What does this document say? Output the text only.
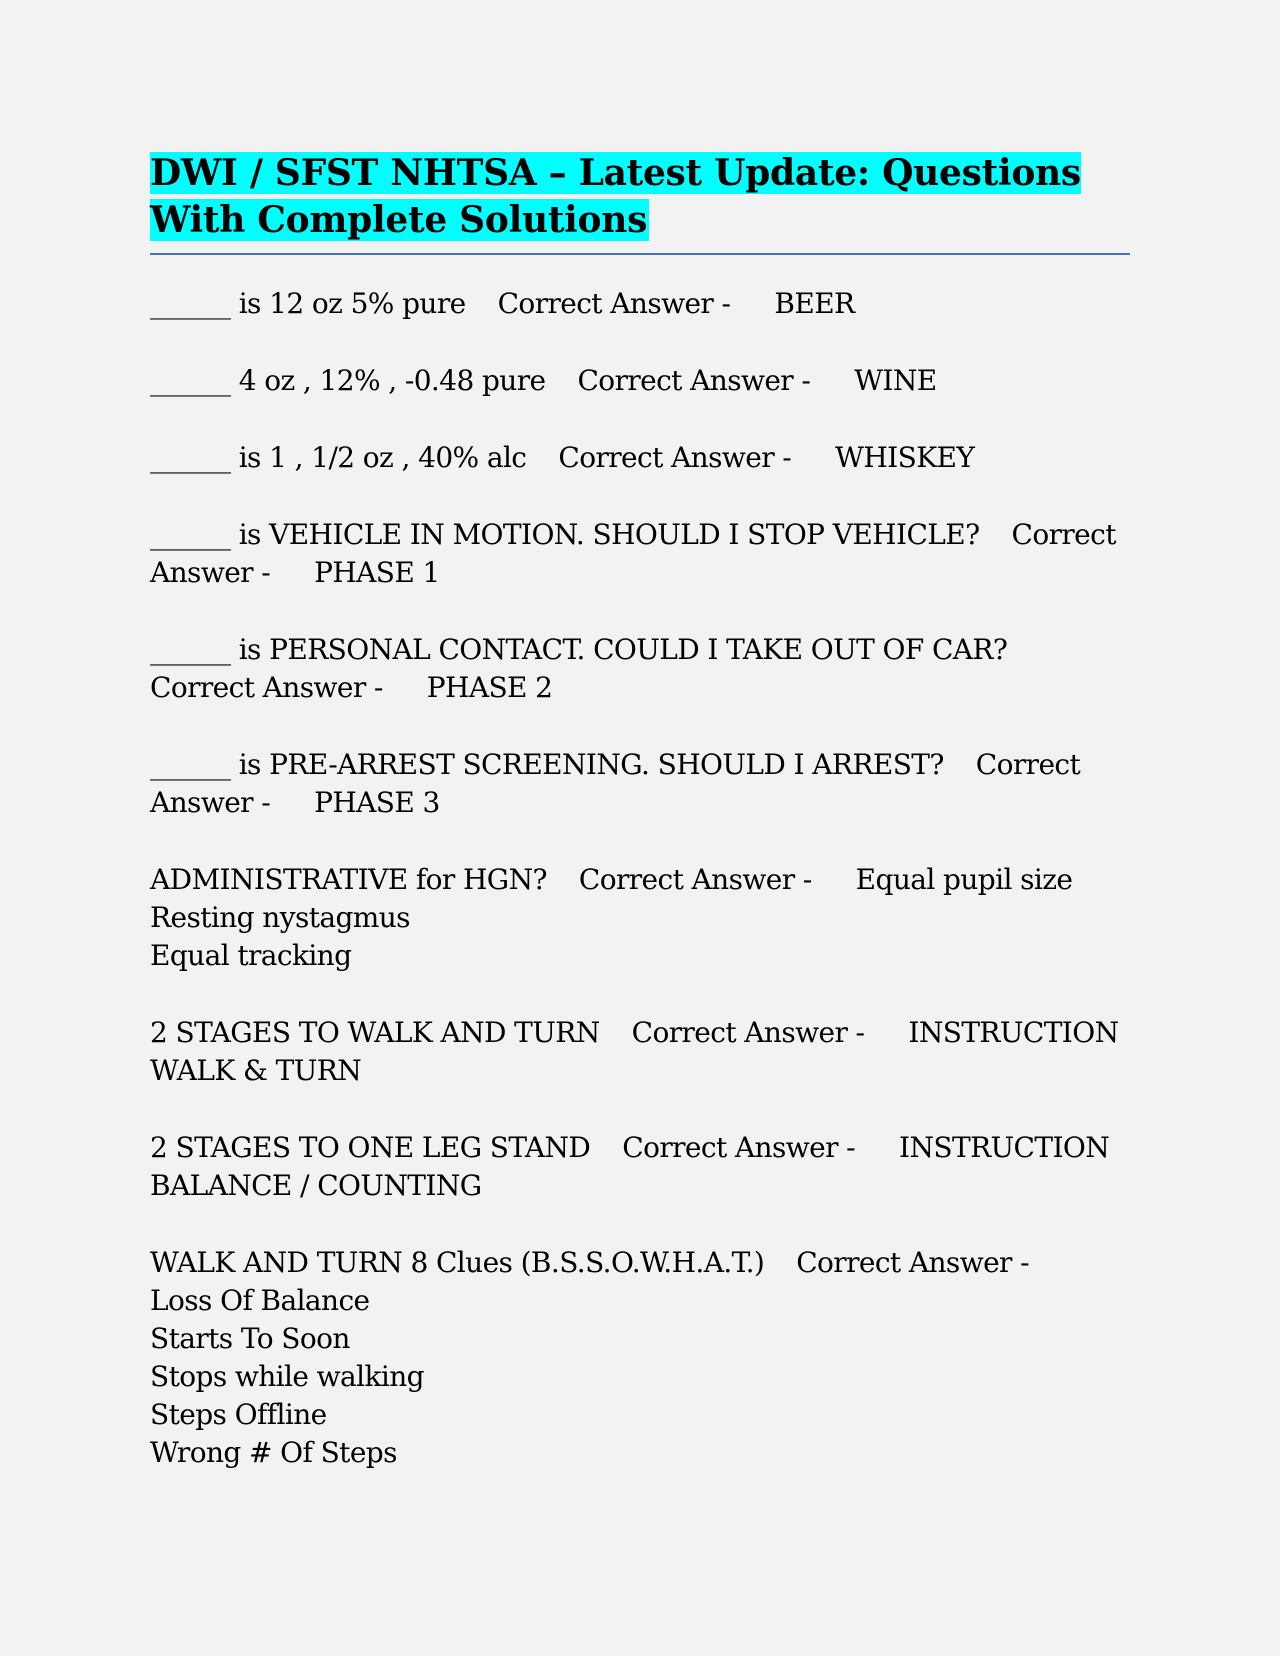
DWI / SFST NHTSA – Latest Update: Questions With Complete Solutions
______ is 12 oz 5% pure Correct Answer - BEER
______ 4 oz , 12% , -0.48 pure Correct Answer - WINE
______ is 1 , 1/2 oz , 40% alc Correct Answer - WHISKEY
______ is VEHICLE IN MOTION. SHOULD I STOP VEHICLE? Correct Answer - PHASE 1
______ is PERSONAL CONTACT. COULD I TAKE OUT OF CAR?Correct Answer - PHASE 2
______ is PRE-ARREST SCREENING. SHOULD I ARREST? Correct Answer - PHASE 3
ADMINISTRATIVE for HGN? Correct Answer - Equal pupil size
Resting nystagmus
Equal tracking
2 STAGES TO WALK AND TURN Correct Answer - INSTRUCTION
WALK & TURN
2 STAGES TO ONE LEG STAND Correct Answer - INSTRUCTION
BALANCE / COUNTING
WALK AND TURN 8 Clues (B.S.S.O.W.H.A.T.) Correct Answer -
Loss Of Balance
Starts To Soon
Stops while walking
Steps Offline
Wrong # Of Steps
